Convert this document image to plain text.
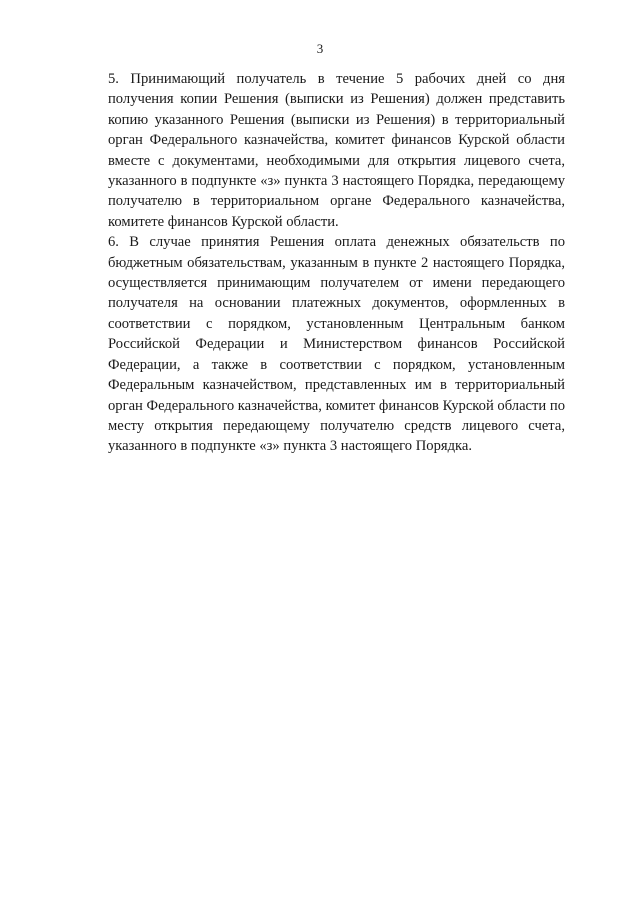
3
5. Принимающий получатель в течение 5 рабочих дней со дня
получения копии Решения (выписки из Решения) должен представить
копию указанного Решения (выписки из Решения) в территориальный
орган Федерального казначейства, комитет финансов Курской области
вместе с документами, необходимыми для открытия лицевого счета,
указанного в подпункте «з» пункта 3 настоящего Порядка, передающему
получателю в территориальном органе Федерального казначейства,
комитете финансов Курской области.
6. В случае принятия Решения оплата денежных обязательств по
бюджетным обязательствам, указанным в пункте 2 настоящего Порядка,
осуществляется принимающим получателем от имени передающего
получателя на основании платежных документов, оформленных в
соответствии с порядком, установленным Центральным банком
Российской Федерации и Министерством финансов Российской
Федерации, а также в соответствии с порядком, установленным
Федеральным казначейством, представленных им в территориальный
орган Федерального казначейства, комитет финансов Курской области по
месту открытия передающему получателю средств лицевого счета,
указанного в подпункте «з» пункта 3 настоящего Порядка.
